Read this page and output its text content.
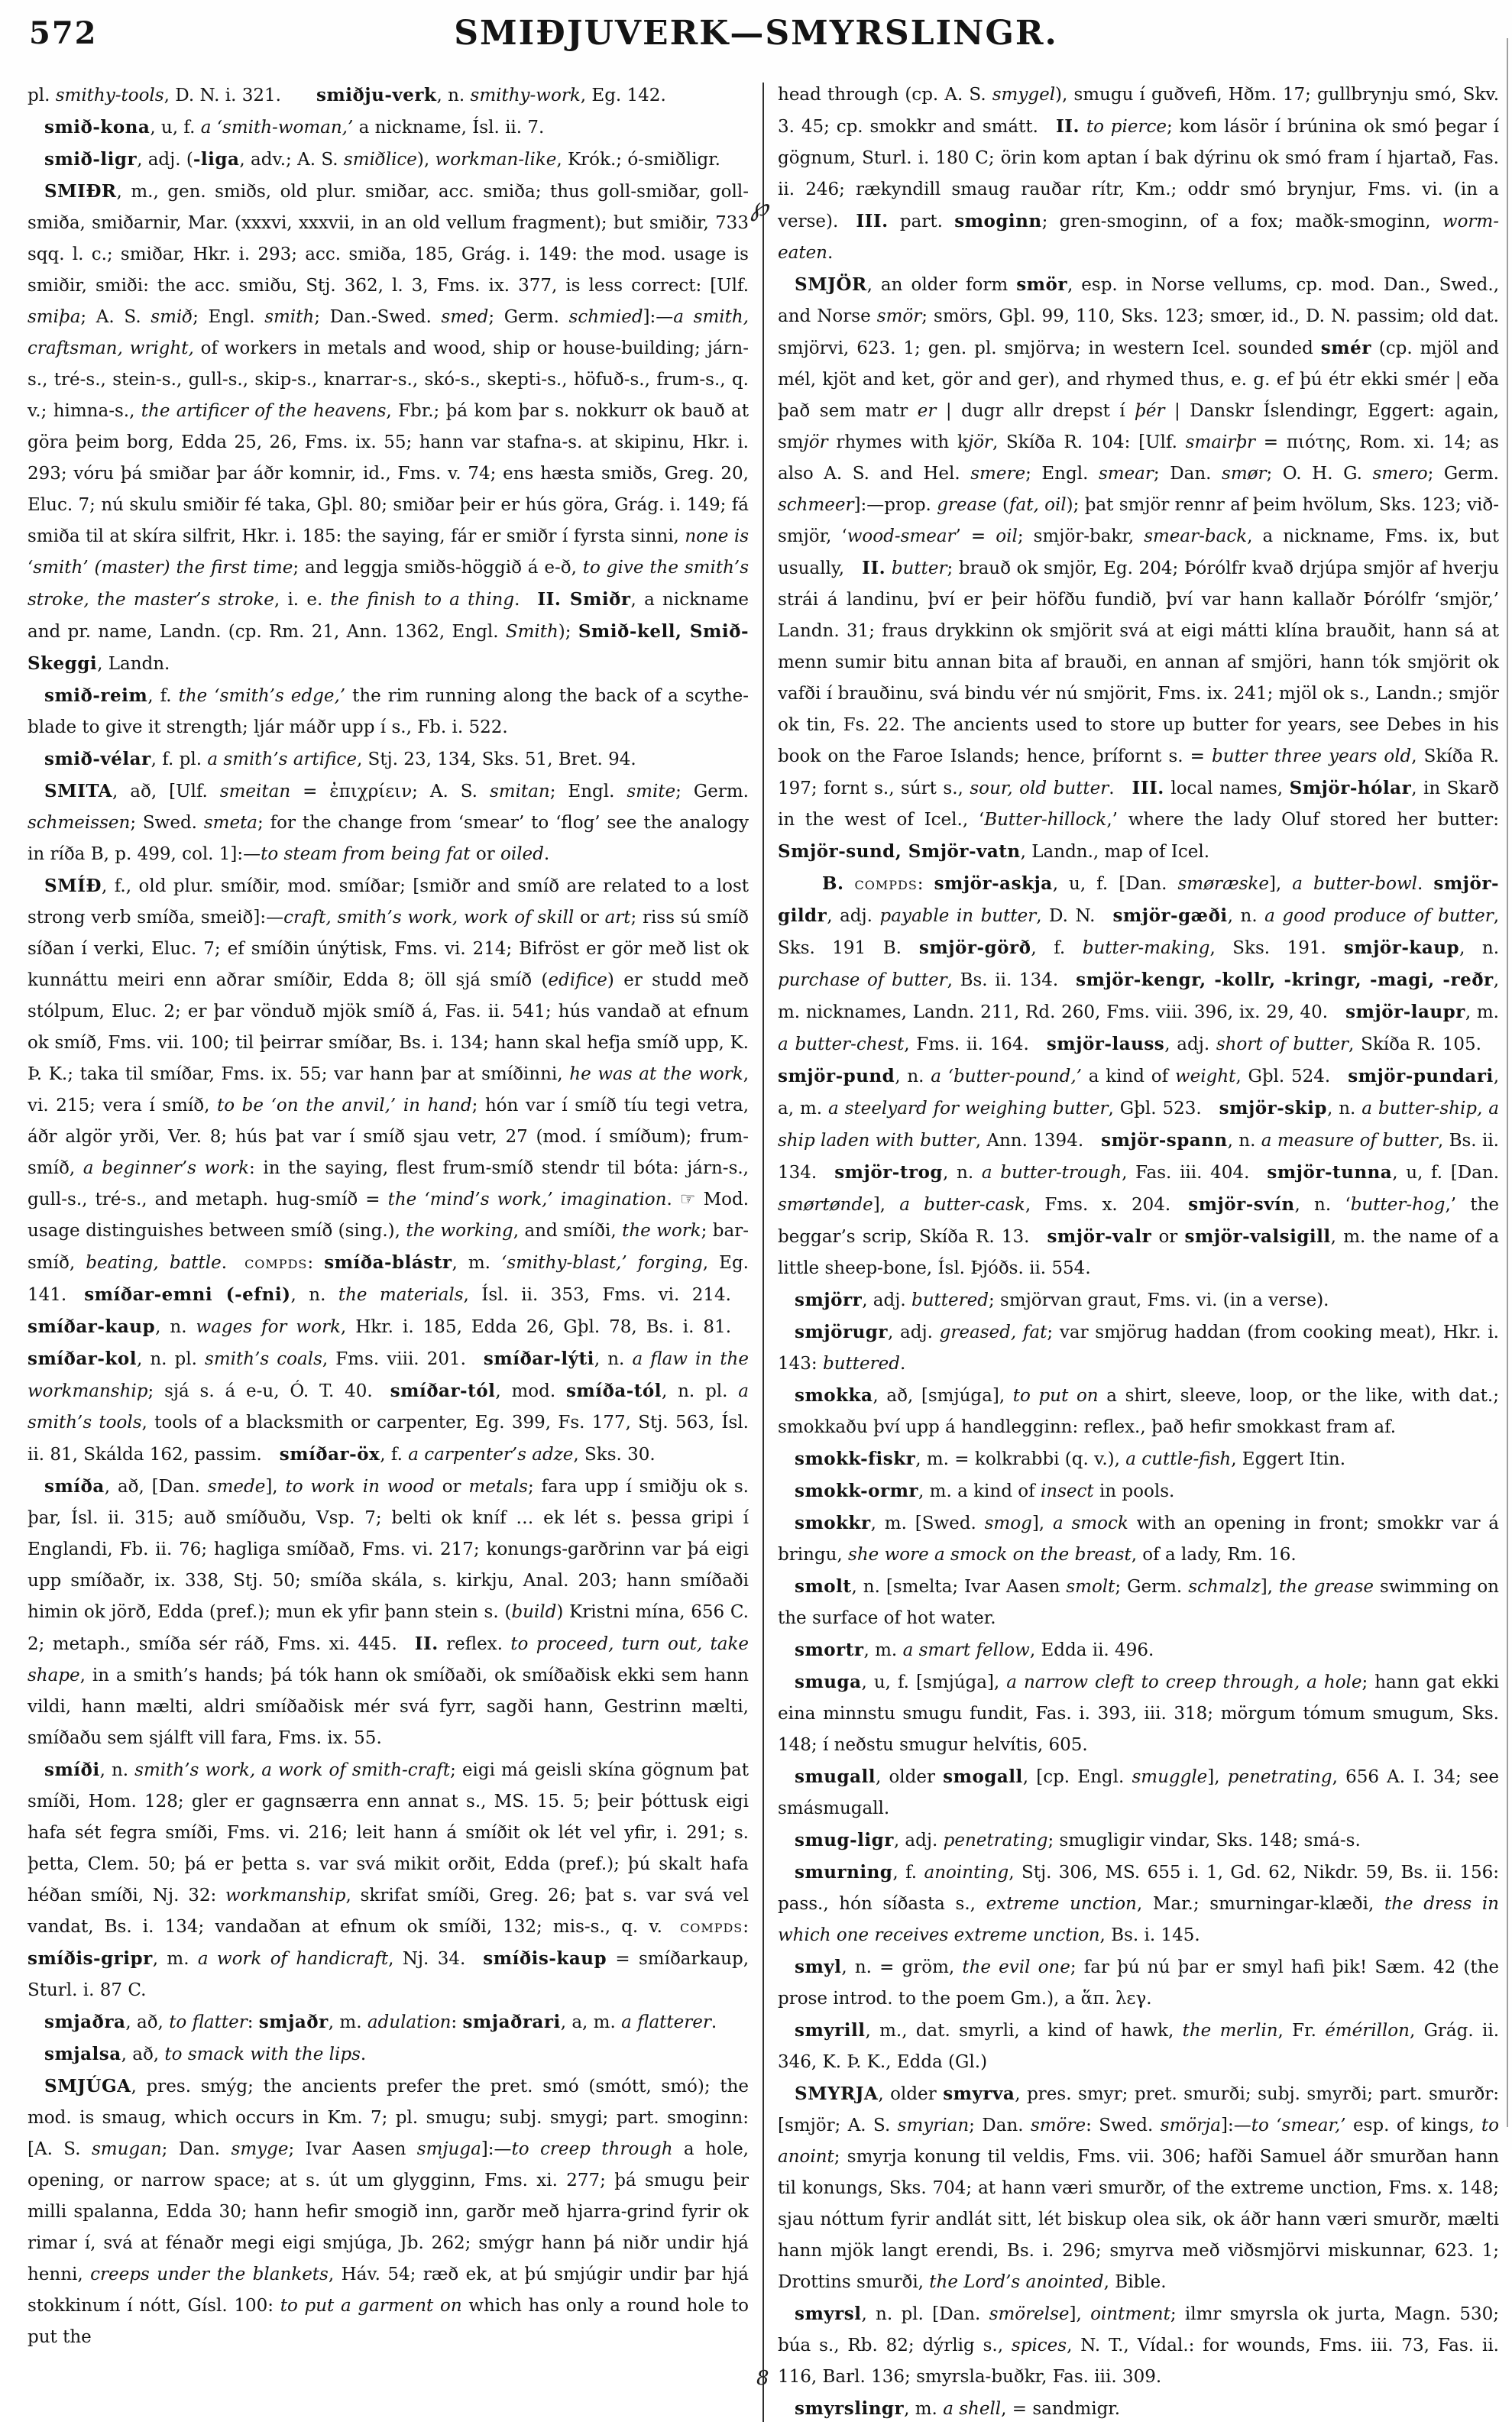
572	SMIÐJUVERK—SMYRSLINGR.

pl. smithy-tools, D. N. i. 321.  smiðju-verk, n. smithy-work, Eg. 142.

smið-kona, u, f. a ‘smith-woman,’ a nickname, Ísl. ii. 7.

smið-ligr, adj. (-liga, adv.; A. S. smiðlice), workman-like, Krók.; ó-smiðligr.

SMIÐR, m., gen. smiðs, old plur. smiðar, acc. smiða; thus goll-smiðar, goll-smiða, smiðarnir, Mar. (xxxvi, xxxvii, in an old vellum fragment); but smiðir, 733 sqq. l. c.; smiðar, Hkr. i. 293; acc. smiða, 185, Grág. i. 149: the mod. usage is smiðir, smiði: the acc. smiðu, Stj. 362, l. 3, Fms. ix. 377, is less correct: [Ulf. smiþa; A. S. smið; Engl. smith; Dan.-Swed. smed; Germ. schmied]:—a smith, craftsman, wright, of workers in metals and wood, ship or house-building; járn-s., tré-s., stein-s., gull-s., skip-s., knarrar-s., skó-s., skepti-s., höfuð-s., frum-s., q. v.; himna-s., the artificer of the heavens, Fbr.; þá kom þar s. nokkurr ok bauð at göra þeim borg, Edda 25, 26, Fms. ix. 55; hann var stafna-s. at skipinu, Hkr. i. 293; vóru þá smiðar þar áðr komnir, id., Fms. v. 74; ens hæsta smiðs, Greg. 20, Eluc. 7; nú skulu smiðir fé taka, Gþl. 80; smiðar þeir er hús göra, Grág. i. 149; fá smiða til at skíra silfrit, Hkr. i. 185: the saying, fár er smiðr í fyrsta sinni, none is ‘smith’ (master) the first time; and leggja smiðs-höggið á e-ð, to give the smith’s stroke, the master’s stroke, i. e. the finish to a thing. II. Smiðr, a nickname and pr. name, Landn. (cp. Rm. 21, Ann. 1362, Engl. Smith); Smið-kell, Smið-Skeggi, Landn.

smið-reim, f. the ‘smith’s edge,’ the rim running along the back of a scythe-blade to give it strength; ljár máðr upp í s., Fb. i. 522.

smið-vélar, f. pl. a smith’s artifice, Stj. 23, 134, Sks. 51, Bret. 94.

SMITA, að, [Ulf. smeitan = ἐπιχρίειν; A. S. smitan; Engl. smite; Germ. schmeissen; Swed. smeta; for the change from ‘smear’ to ‘flog’ see the analogy in ríða B, p. 499, col. 1]:—to steam from being fat or oiled.

SMÍÐ, f., old plur. smíðir, mod. smíðar; [smiðr and smíð are related to a lost strong verb smíða, smeið]:—craft, smith’s work, work of skill or art; riss sú smíð síðan í verki, Eluc. 7; ef smíðin únýtisk, Fms. vi. 214; Bifröst er gör með list ok kunnáttu meiri enn aðrar smíðir, Edda 8; öll sjá smíð (edifice) er studd með stólpum, Eluc. 2; er þar vönduð mjök smíð á, Fas. ii. 541; hús vandað at efnum ok smíð, Fms. vii. 100; til þeirrar smíðar, Bs. i. 134; hann skal hefja smíð upp, K. Þ. K.; taka til smíðar, Fms. ix. 55; var hann þar at smíðinni, he was at the work, vi. 215; vera í smíð, to be ‘on the anvil,’ in hand; hón var í smíð tíu tegi vetra, áðr algör yrði, Ver. 8; hús þat var í smíð sjau vetr, 27 (mod. í smíðum); frum-smíð, a beginner’s work: in the saying, flest frum-smíð stendr til bóta: járn-s., gull-s., tré-s., and metaph. hug-smíð = the ‘mind’s work,’ imagination. ☞ Mod. usage distinguishes between smíð (sing.), the working, and smíði, the work; bar-smíð, beating, battle. compds: smíða-blástr, m. ‘smithy-blast,’ forging, Eg. 141. smíðar-emni (-efni), n. the materials, Ísl. ii. 353, Fms. vi. 214. smíðar-kaup, n. wages for work, Hkr. i. 185, Edda 26, Gþl. 78, Bs. i. 81. smíðar-kol, n. pl. smith’s coals, Fms. viii. 201. smíðar-lýti, n. a flaw in the workmanship; sjá s. á e-u, Ó. T. 40. smíðar-tól, mod. smíða-tól, n. pl. a smith’s tools, tools of a blacksmith or carpenter, Eg. 399, Fs. 177, Stj. 563, Ísl. ii. 81, Skálda 162, passim. smíðar-öx, f. a carpenter’s adze, Sks. 30.

smíða, að, [Dan. smede], to work in wood or metals; fara upp í smiðju ok s. þar, Ísl. ii. 315; auð smíðuðu, Vsp. 7; belti ok kníf … ek lét s. þessa gripi í Englandi, Fb. ii. 76; hagliga smíðað, Fms. vi. 217; konungs-garðrinn var þá eigi upp smíðaðr, ix. 338, Stj. 50; smíða skála, s. kirkju, Anal. 203; hann smíðaði himin ok jörð, Edda (pref.); mun ek yfir þann stein s. (build) Kristni mína, 656 C. 2; metaph., smíða sér ráð, Fms. xi. 445. II. reflex. to proceed, turn out, take shape, in a smith’s hands; þá tók hann ok smíðaði, ok smíðaðisk ekki sem hann vildi, hann mælti, aldri smíðaðisk mér svá fyrr, sagði hann, Gestrinn mælti, smíðaðu sem sjálft vill fara, Fms. ix. 55.

smíði, n. smith’s work, a work of smith-craft; eigi má geisli skína gögnum þat smíði, Hom. 128; gler er gagnsærra enn annat s., MS. 15. 5; þeir þóttusk eigi hafa sét fegra smíði, Fms. vi. 216; leit hann á smíðit ok lét vel yfir, i. 291; s. þetta, Clem. 50; þá er þetta s. var svá mikit orðit, Edda (pref.); þú skalt hafa héðan smíði, Nj. 32: workmanship, skrifat smíði, Greg. 26; þat s. var svá vel vandat, Bs. i. 134; vandaðan at efnum ok smíði, 132; mis-s., q. v. compds: smíðis-gripr, m. a work of handicraft, Nj. 34. smíðis-kaup = smíðarkaup, Sturl. i. 87 C.

smjaðra, að, to flatter: smjaðr, m. adulation: smjaðrari, a, m. a flatterer.

smjalsa, að, to smack with the lips.

SMJÚGA, pres. smýg; the ancients prefer the pret. smó (smótt, smó); the mod. is smaug, which occurs in Km. 7; pl. smugu; subj. smygi; part. smoginn: [A. S. smugan; Dan. smyge; Ivar Aasen smjuga]:—to creep through a hole, opening, or narrow space; at s. út um glygginn, Fms. xi. 277; þá smugu þeir milli spalanna, Edda 30; hann hefir smogið inn, garðr með hjarra-grind fyrir ok rimar í, svá at fénaðr megi eigi smjúga, Jb. 262; smýgr hann þá niðr undir hjá henni, creeps under the blankets, Háv. 54; ræð ek, at þú smjúgir undir þar hjá stokkinum í nótt, Gísl. 100: to put a garment on which has only a round hole to put the

℘
8

head through (cp. A. S. smygel), smugu í guðvefi, Hðm. 17; gullbrynju smó, Skv. 3. 45; cp. smokkr and smátt. II. to pierce; kom lásör í brúnina ok smó þegar í gögnum, Sturl. i. 180 C; örin kom aptan í bak dýrinu ok smó fram í hjartað, Fas. ii. 246; rækyndill smaug rauðar rítr, Km.; oddr smó brynjur, Fms. vi. (in a verse). III. part. smoginn; gren-smoginn, of a fox; maðk-smoginn, worm-eaten.

SMJÖR, an older form smör, esp. in Norse vellums, cp. mod. Dan., Swed., and Norse smör; smörs, Gþl. 99, 110, Sks. 123; smœr, id., D. N. passim; old dat. smjörvi, 623. 1; gen. pl. smjörva; in western Icel. sounded smér (cp. mjöl and mél, kjöt and ket, gör and ger), and rhymed thus, e. g. ef þú étr ekki smér | eða það sem matr er | dugr allr drepst í þér | Danskr Íslendingr, Eggert: again, smjör rhymes with kjör, Skíða R. 104: [Ulf. smairþr = πιότης, Rom. xi. 14; as also A. S. and Hel. smere; Engl. smear; Dan. smør; O. H. G. smero; Germ. schmeer]:—prop. grease (fat, oil); þat smjör rennr af þeim hvölum, Sks. 123; við-smjör, ‘wood-smear’ = oil; smjör-bakr, smear-back, a nickname, Fms. ix, but usually, II. butter; brauð ok smjör, Eg. 204; Þórólfr kvað drjúpa smjör af hverju strái á landinu, því er þeir höfðu fundið, því var hann kallaðr Þórólfr ‘smjör,’ Landn. 31; fraus drykkinn ok smjörit svá at eigi mátti klína brauðit, hann sá at menn sumir bitu annan bita af brauði, en annan af smjöri, hann tók smjörit ok vafði í brauðinu, svá bindu vér nú smjörit, Fms. ix. 241; mjöl ok s., Landn.; smjör ok tin, Fs. 22. The ancients used to store up butter for years, see Debes in his book on the Faroe Islands; hence, þrífornt s. = butter three years old, Skíða R. 197; fornt s., súrt s., sour, old butter. III. local names, Smjör-hólar, in Skarð in the west of Icel., ‘Butter-hillock,’ where the lady Oluf stored her butter: Smjör-sund, Smjör-vatn, Landn., map of Icel.

B. compds: smjör-askja, u, f. [Dan. smøræske], a butter-bowl. smjör-gildr, adj. payable in butter, D. N. smjör-gæði, n. a good produce of butter, Sks. 191 B. smjör-görð, f. butter-making, Sks. 191. smjör-kaup, n. purchase of butter, Bs. ii. 134. smjör-kengr, -kollr, -kringr, -magi, -reðr, m. nicknames, Landn. 211, Rd. 260, Fms. viii. 396, ix. 29, 40. smjör-laupr, m. a butter-chest, Fms. ii. 164. smjör-lauss, adj. short of butter, Skíða R. 105. smjör-pund, n. a ‘butter-pound,’ a kind of weight, Gþl. 524. smjör-pundari, a, m. a steelyard for weighing butter, Gþl. 523. smjör-skip, n. a butter-ship, a ship laden with butter, Ann. 1394. smjör-spann, n. a measure of butter, Bs. ii. 134. smjör-trog, n. a butter-trough, Fas. iii. 404. smjör-tunna, u, f. [Dan. smørtønde], a butter-cask, Fms. x. 204. smjör-svín, n. ‘butter-hog,’ the beggar’s scrip, Skíða R. 13. smjör-valr or smjör-valsigill, m. the name of a little sheep-bone, Ísl. Þjóðs. ii. 554.

smjörr, adj. buttered; smjörvan graut, Fms. vi. (in a verse).

smjörugr, adj. greased, fat; var smjörug haddan (from cooking meat), Hkr. i. 143: buttered.

smokka, að, [smjúga], to put on a shirt, sleeve, loop, or the like, with dat.; smokkaðu því upp á handlegginn: reflex., það hefir smokkast fram af.

smokk-fiskr, m. = kolkrabbi (q. v.), a cuttle-fish, Eggert Itin.

smokk-ormr, m. a kind of insect in pools.

smokkr, m. [Swed. smog], a smock with an opening in front; smokkr var á bringu, she wore a smock on the breast, of a lady, Rm. 16.

smolt, n. [smelta; Ivar Aasen smolt; Germ. schmalz], the grease swimming on the surface of hot water.

smortr, m. a smart fellow, Edda ii. 496.

smuga, u, f. [smjúga], a narrow cleft to creep through, a hole; hann gat ekki eina minnstu smugu fundit, Fas. i. 393, iii. 318; mörgum tómum smugum, Sks. 148; í neðstu smugur helvítis, 605.

smugall, older smogall, [cp. Engl. smuggle], penetrating, 656 A. I. 34; see smásmugall.

smug-ligr, adj. penetrating; smugligir vindar, Sks. 148; smá-s.

smurning, f. anointing, Stj. 306, MS. 655 i. 1, Gd. 62, Nikdr. 59, Bs. ii. 156: pass., hón síðasta s., extreme unction, Mar.; smurningar-klæði, the dress in which one receives extreme unction, Bs. i. 145.

smyl, n. = gröm, the evil one; far þú nú þar er smyl hafi þik! Sæm. 42 (the prose introd. to the poem Gm.), a ἅπ. λεγ.

smyrill, m., dat. smyrli, a kind of hawk, the merlin, Fr. émérillon, Grág. ii. 346, K. Þ. K., Edda (Gl.)

SMYRJA, older smyrva, pres. smyr; pret. smurði; subj. smyrði; part. smurðr: [smjör; A. S. smyrian; Dan. smöre: Swed. smörja]:—to ‘smear,’ esp. of kings, to anoint; smyrja konung til veldis, Fms. vii. 306; hafði Samuel áðr smurðan hann til konungs, Sks. 704; at hann væri smurðr, of the extreme unction, Fms. x. 148; sjau nóttum fyrir andlát sitt, lét biskup olea sik, ok áðr hann væri smurðr, mælti hann mjök langt erendi, Bs. i. 296; smyrva með viðsmjörvi miskunnar, 623. 1; Drottins smurði, the Lord’s anointed, Bible.

smyrsl, n. pl. [Dan. smörelse], ointment; ilmr smyrsla ok jurta, Magn. 530; búa s., Rb. 82; dýrlig s., spices, N. T., Vídal.: for wounds, Fms. iii. 73, Fas. ii. 116, Barl. 136; smyrsla-buðkr, Fas. iii. 309.

smyrslingr, m. a shell, = sandmigr.
